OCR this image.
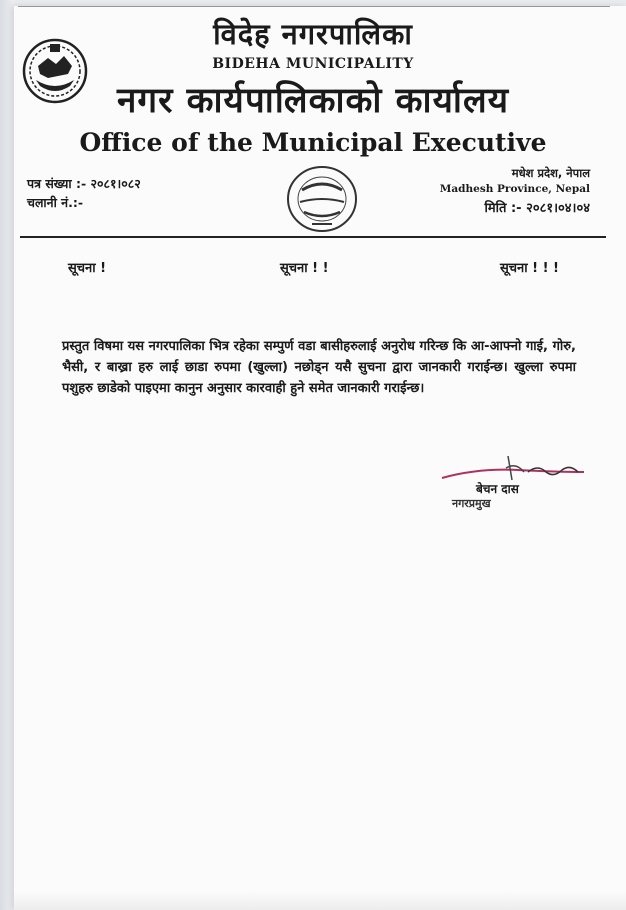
विदेह नगरपालिका
BIDEHA MUNICIPALITY
नगर कार्यपालिकाको कार्यालय
Office of the Municipal Executive
पत्र संख्या :- २०८१।०८२
चलानी नं.:-
मधेश प्रदेश, नेपाल
Madhesh Province, Nepal
मिति :- २०८१।०४।०४
सूचना !	सूचना ! !	सूचना ! ! !
प्रस्तुत विषमा यस नगरपालिका भित्र रहेका सम्पुर्ण वडा बासीहरुलाई अनुरोध गरिन्छ कि आ-आफ्नो गाई, गोरु, भैसी, र बाख्रा हरु लाई छाडा रुपमा (खुल्ला) नछोड्न यसै सुचना द्वारा जानकारी गराईन्छ। खुल्ला रुपमा पशुहरु छाडेको पाइएमा कानुन अनुसार कारवाही हुने समेत जानकारी गराईन्छ।
बेचन दास
नगरप्रमुख
